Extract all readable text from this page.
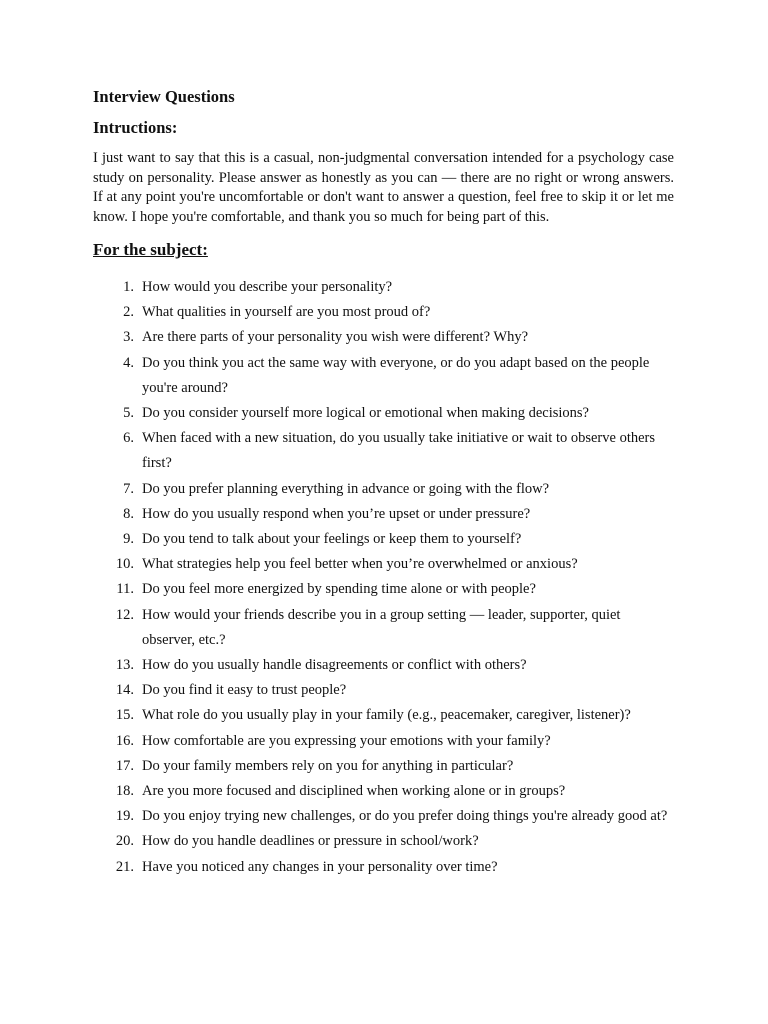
Interview Questions
Intructions:

I just want to say that this is a casual, non-judgmental conversation intended for a psychology case study on personality. Please answer as honestly as you can — there are no right or wrong answers. If at any point you're uncomfortable or don't want to answer a question, feel free to skip it or let me know. I hope you're comfortable, and thank you so much for being part of this.

For the subject:
1. How would you describe your personality?
2. What qualities in yourself are you most proud of?
3. Are there parts of your personality you wish were different? Why?
4. Do you think you act the same way with everyone, or do you adapt based on the people you're around?
5. Do you consider yourself more logical or emotional when making decisions?
6. When faced with a new situation, do you usually take initiative or wait to observe others first?
7. Do you prefer planning everything in advance or going with the flow?
8. How do you usually respond when you’re upset or under pressure?
9. Do you tend to talk about your feelings or keep them to yourself?
10. What strategies help you feel better when you’re overwhelmed or anxious?
11. Do you feel more energized by spending time alone or with people?
12. How would your friends describe you in a group setting — leader, supporter, quiet observer, etc.?
13. How do you usually handle disagreements or conflict with others?
14. Do you find it easy to trust people?
15. What role do you usually play in your family (e.g., peacemaker, caregiver, listener)?
16. How comfortable are you expressing your emotions with your family?
17. Do your family members rely on you for anything in particular?
18. Are you more focused and disciplined when working alone or in groups?
19. Do you enjoy trying new challenges, or do you prefer doing things you're already good at?
20. How do you handle deadlines or pressure in school/work?
21. Have you noticed any changes in your personality over time?
